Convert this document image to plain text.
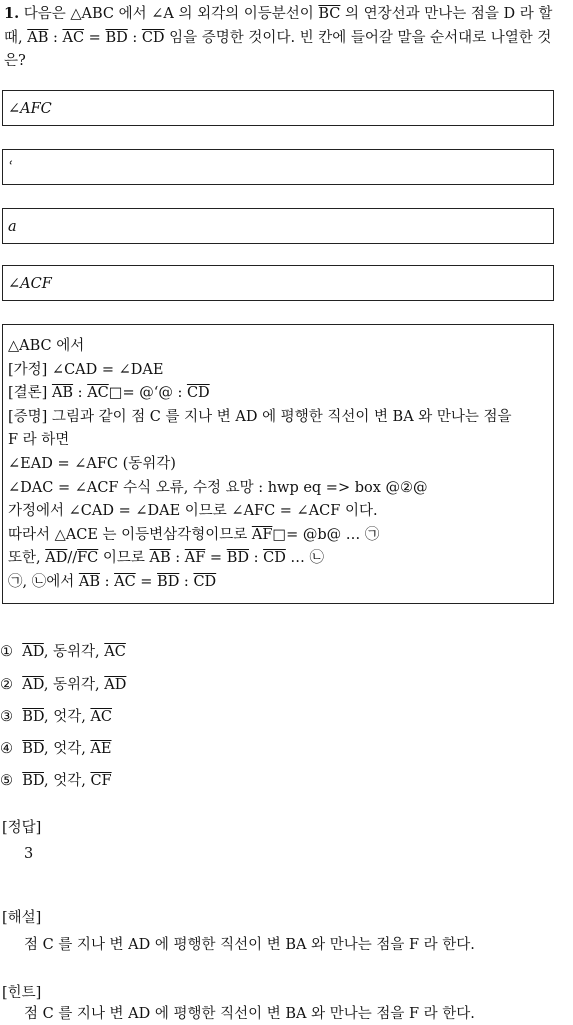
1. 다음은 △ABC 에서 ∠A 의 외각의 이등분선이 $\overline{BC}$ 의 연장선과 만나는 점을 D 라 할 때, $\overline{AB}$ : $\overline{AC} = \overline{BD}$ : $\overline{CD}$ 임을 증명한 것이다. 빈 칸에 들어갈 말을 순서대로 나열한 것은?

∠AFC
ʿ
a
∠ACF
△ABC 에서
[가정] ∠CAD = ∠DAE
[결론] $\overline{AB}$ : $\overline{AC}□=$ @‘@ : $\overline{CD}$
[증명] 그림과 같이 점 C 를 지나 변 AD 에 평행한 직선이 변 BA 와 만나는 점을
F 라 하면
∠EAD = ∠AFC (동위각)
∠DAC = ∠ACF 수식 오류, 수정 요망 : hwp eq => box @②@
가정에서 ∠CAD = ∠DAE 이므로 ∠AFC = ∠ACF 이다.
따라서 △ACE 는 이등변삼각형이므로 $\overline{AF}□=$ @b@ … ㉠
또한, $\overline{AD}//\overline{FC}$ 이므로 $\overline{AB}$ : $\overline{AF} = \overline{BD}$ : $\overline{CD}$ … ㉡
㉠, ㉡에서 $\overline{AB}$ : $\overline{AC} = \overline{BD}$ : $\overline{CD}$
① $\overline{AD}$, 동위각, $\overline{AC}$
② $\overline{AD}$, 동위각, $\overline{AD}$
③ $\overline{BD}$, 엇각, $\overline{AC}$
④ $\overline{BD}$, 엇각, $\overline{AE}$
⑤ $\overline{BD}$, 엇각, $\overline{CF}$
[정답]
3
[해설]
점 C 를 지나 변 AD 에 평행한 직선이 변 BA 와 만나는 점을 F 라 한다.
[힌트]
점 C 를 지나 변 AD 에 평행한 직선이 변 BA 와 만나는 점을 F 라 한다.
